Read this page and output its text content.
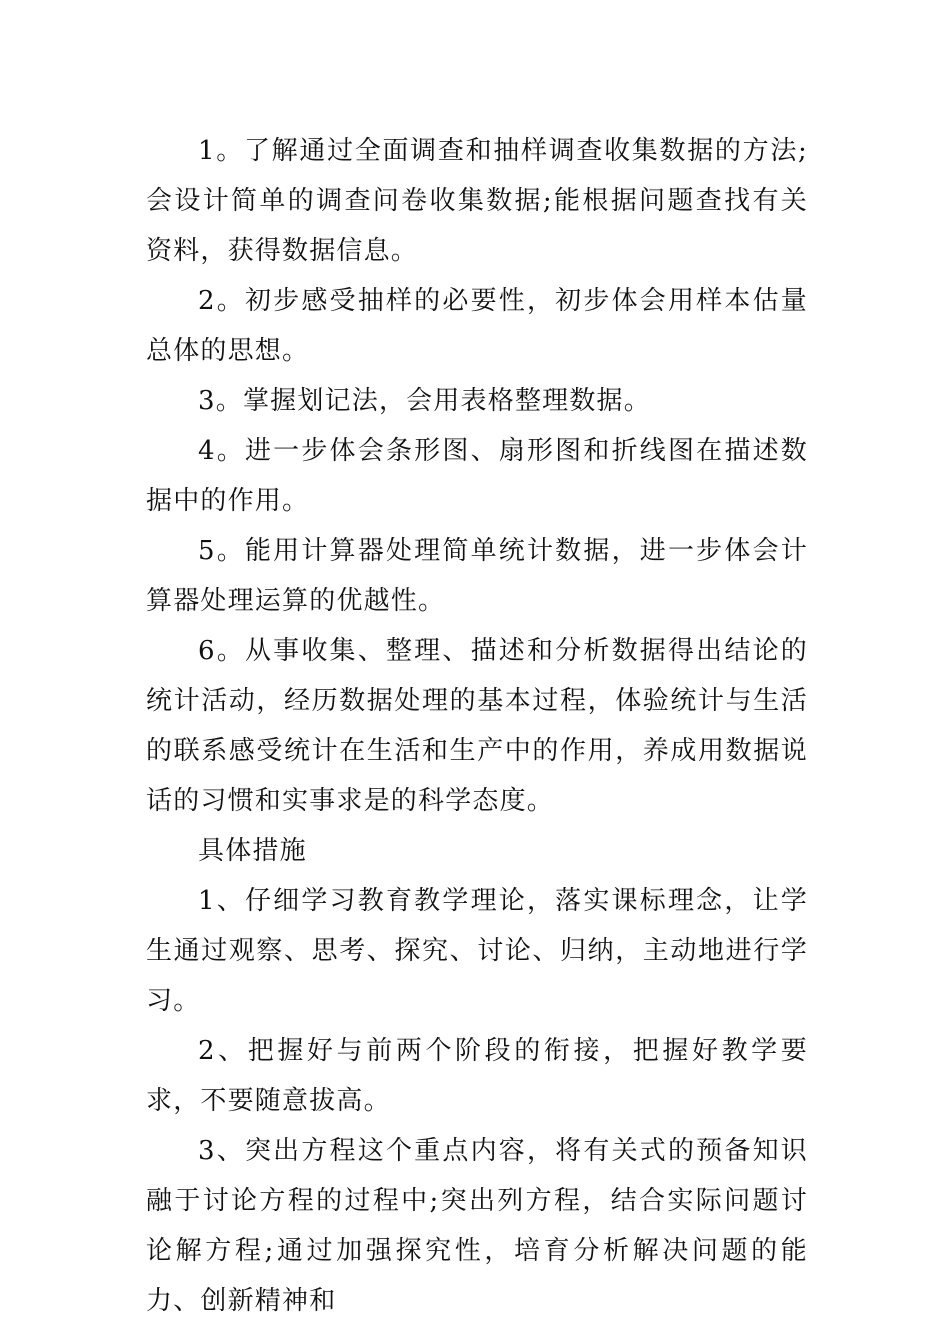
1。了解通过全面调查和抽样调查收集数据的方法;会设计简单的调查问卷收集数据;能根据问题查找有关资料，获得数据信息。

2。初步感受抽样的必要性，初步体会用样本估量总体的思想。

3。掌握划记法，会用表格整理数据。

4。进一步体会条形图、扇形图和折线图在描述数据中的作用。

5。能用计算器处理简单统计数据，进一步体会计算器处理运算的优越性。

6。从事收集、整理、描述和分析数据得出结论的统计活动，经历数据处理的基本过程，体验统计与生活的联系感受统计在生活和生产中的作用，养成用数据说话的习惯和实事求是的科学态度。

具体措施

1、仔细学习教育教学理论，落实课标理念，让学生通过观察、思考、探究、讨论、归纳，主动地进行学习。

2、把握好与前两个阶段的衔接，把握好教学要求，不要随意拔高。

3、突出方程这个重点内容，将有关式的预备知识融于讨论方程的过程中;突出列方程，结合实际问题讨论解方程;通过加强探究性，培育分析解决问题的能力、创新精神和
